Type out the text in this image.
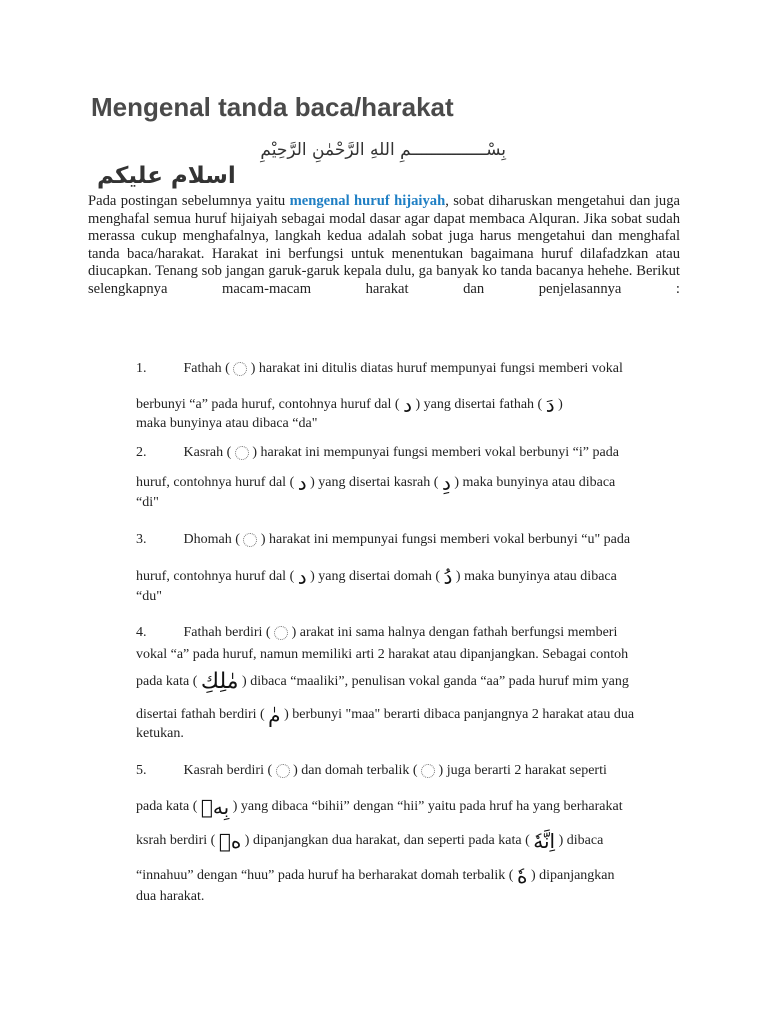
Mengenal tanda baca/harakat
بِسْـــــــــــــــمِ اللهِ الرَّحْمٰنِ الرَّحِيْمِ
اسلام عليكم

Pada postingan sebelumnya yaitu mengenal huruf hijaiyah, sobat diharuskan mengetahui dan juga menghafal semua huruf hijaiyah sebagai modal dasar agar dapat membaca Alquran. Jika sobat sudah merassa cukup menghafalnya, langkah kedua adalah sobat juga harus mengetahui dan menghafal tanda baca/harakat. Harakat ini berfungsi untuk menentukan bagaimana huruf dilafadzkan atau diucapkan. Tenang sob jangan garuk-garuk kepala dulu, ga banyak ko tanda bacanya hehehe. Berikut selengkapnya macam-macam harakat dan penjelasannya :

1.	Fathah ( ) harakat ini ditulis diatas huruf mempunyai fungsi memberi vokal
berbunyi “a” pada huruf, contohnya huruf dal ( د ) yang disertai fathah ( دَ )
maka bunyinya atau dibaca “da"
2.	Kasrah ( ) harakat ini mempunyai fungsi memberi vokal berbunyi “i” pada
huruf, contohnya huruf dal ( د ) yang disertai kasrah ( دِ ) maka bunyinya atau dibaca
“di"
3.	Dhomah ( ) harakat ini mempunyai fungsi memberi vokal berbunyi “u" pada
huruf, contohnya huruf dal ( د ) yang disertai domah ( دُ ) maka bunyinya atau dibaca
“du"
4.	Fathah berdiri ( ) arakat ini sama halnya dengan fathah berfungsi memberi
vokal “a” pada huruf, namun memiliki arti 2 harakat atau dipanjangkan. Sebagai contoh
pada kata ( مٰلِكِ ) dibaca “maaliki”, penulisan vokal ganda “aa” pada huruf mim yang
disertai fathah berdiri ( مٰ ) berbunyi "maa" berarti dibaca panjangnya 2 harakat atau dua
ketukan.
5.	Kasrah berdiri ( ) dan domah terbalik ( ) juga berarti 2 harakat seperti
pada kata ( بِهٖ ) yang dibaca “bihii” dengan “hii” yaitu pada hruf ha yang berharakat
ksrah berdiri ( هٖ ) dipanjangkan dua harakat, dan seperti pada kata ( اِنَّهٗ ) dibaca
“innahuu” dengan “huu” pada huruf ha berharakat domah terbalik ( هٗ ) dipanjangkan
dua harakat.
